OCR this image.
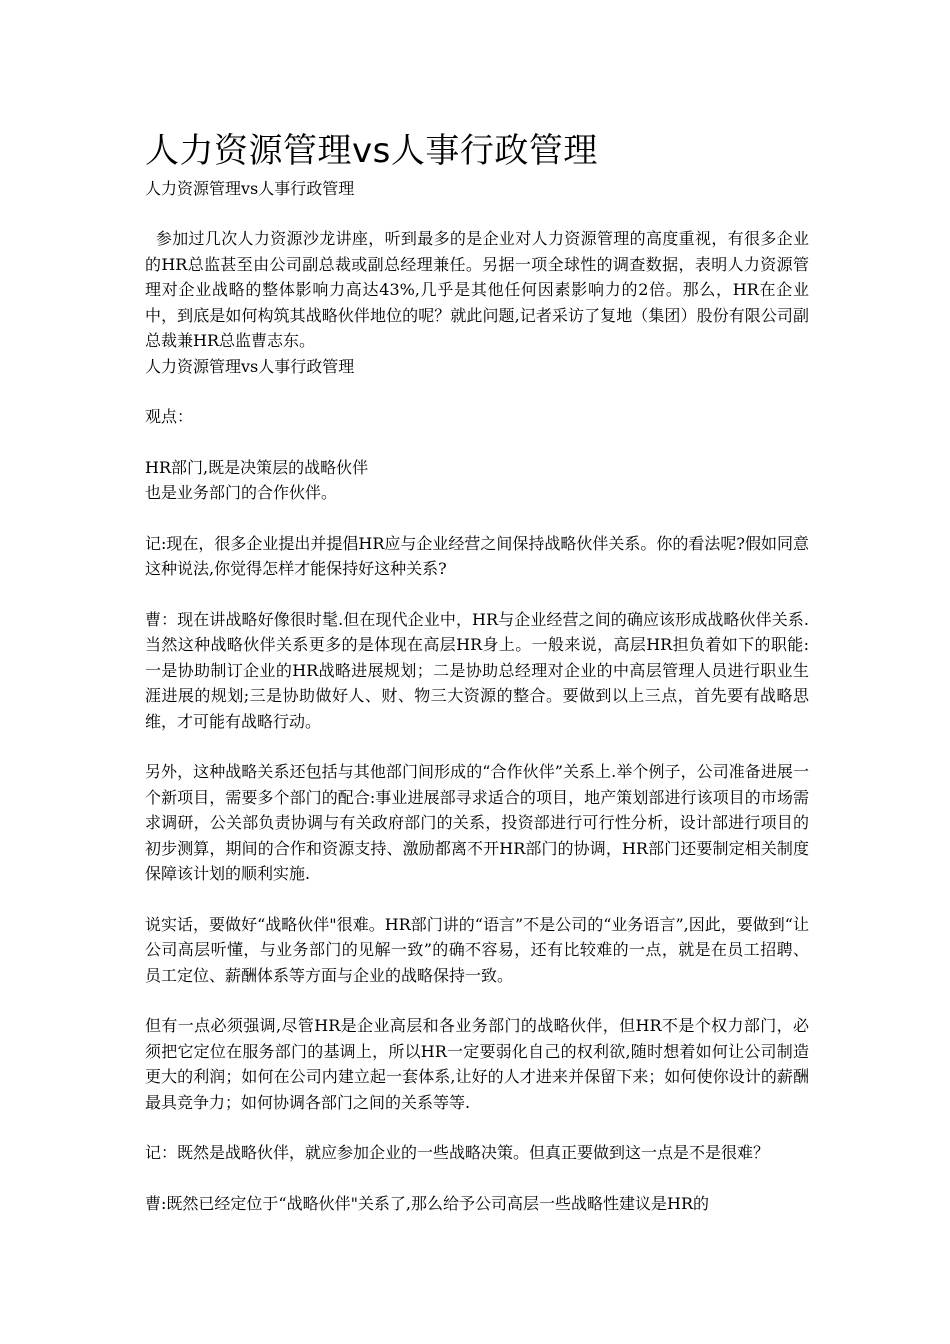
人力资源管理vs人事行政管理

人力资源管理vs人事行政管理

参加过几次人力资源沙龙讲座，听到最多的是企业对人力资源管理的高度重视，有很多企业的HR总监甚至由公司副总裁或副总经理兼任。另据一项全球性的调查数据，表明人力资源管理对企业战略的整体影响力高达43%,几乎是其他任何因素影响力的2倍。那么，HR在企业中，到底是如何构筑其战略伙伴地位的呢？就此问题,记者采访了复地（集团）股份有限公司副总裁兼HR总监曹志东。

人力资源管理vs人事行政管理

观点：

HR部门,既是决策层的战略伙伴

也是业务部门的合作伙伴。

记:现在，很多企业提出并提倡HR应与企业经营之间保持战略伙伴关系。你的看法呢?假如同意这种说法,你觉得怎样才能保持好这种关系?

曹：现在讲战略好像很时髦.但在现代企业中，HR与企业经营之间的确应该形成战略伙伴关系.当然这种战略伙伴关系更多的是体现在高层HR身上。一般来说，高层HR担负着如下的职能:一是协助制订企业的HR战略进展规划；二是协助总经理对企业的中高层管理人员进行职业生涯进展的规划;三是协助做好人、财、物三大资源的整合。要做到以上三点，首先要有战略思维，才可能有战略行动。

另外，这种战略关系还包括与其他部门间形成的“合作伙伴”关系上.举个例子，公司准备进展一个新项目，需要多个部门的配合:事业进展部寻求适合的项目，地产策划部进行该项目的市场需求调研，公关部负责协调与有关政府部门的关系，投资部进行可行性分析，设计部进行项目的初步测算，期间的合作和资源支持、激励都离不开HR部门的协调，HR部门还要制定相关制度保障该计划的顺利实施.

说实话，要做好“战略伙伴"很难。HR部门讲的“语言”不是公司的“业务语言”,因此，要做到“让公司高层听懂，与业务部门的见解一致”的确不容易，还有比较难的一点，就是在员工招聘、员工定位、薪酬体系等方面与企业的战略保持一致。

但有一点必须强调,尽管HR是企业高层和各业务部门的战略伙伴，但HR不是个权力部门，必须把它定位在服务部门的基调上，所以HR一定要弱化自己的权利欲,随时想着如何让公司制造更大的利润；如何在公司内建立起一套体系,让好的人才进来并保留下来；如何使你设计的薪酬最具竞争力；如何协调各部门之间的关系等等.

记：既然是战略伙伴，就应参加企业的一些战略决策。但真正要做到这一点是不是很难？

曹:既然已经定位于“战略伙伴"关系了,那么给予公司高层一些战略性建议是HR的
